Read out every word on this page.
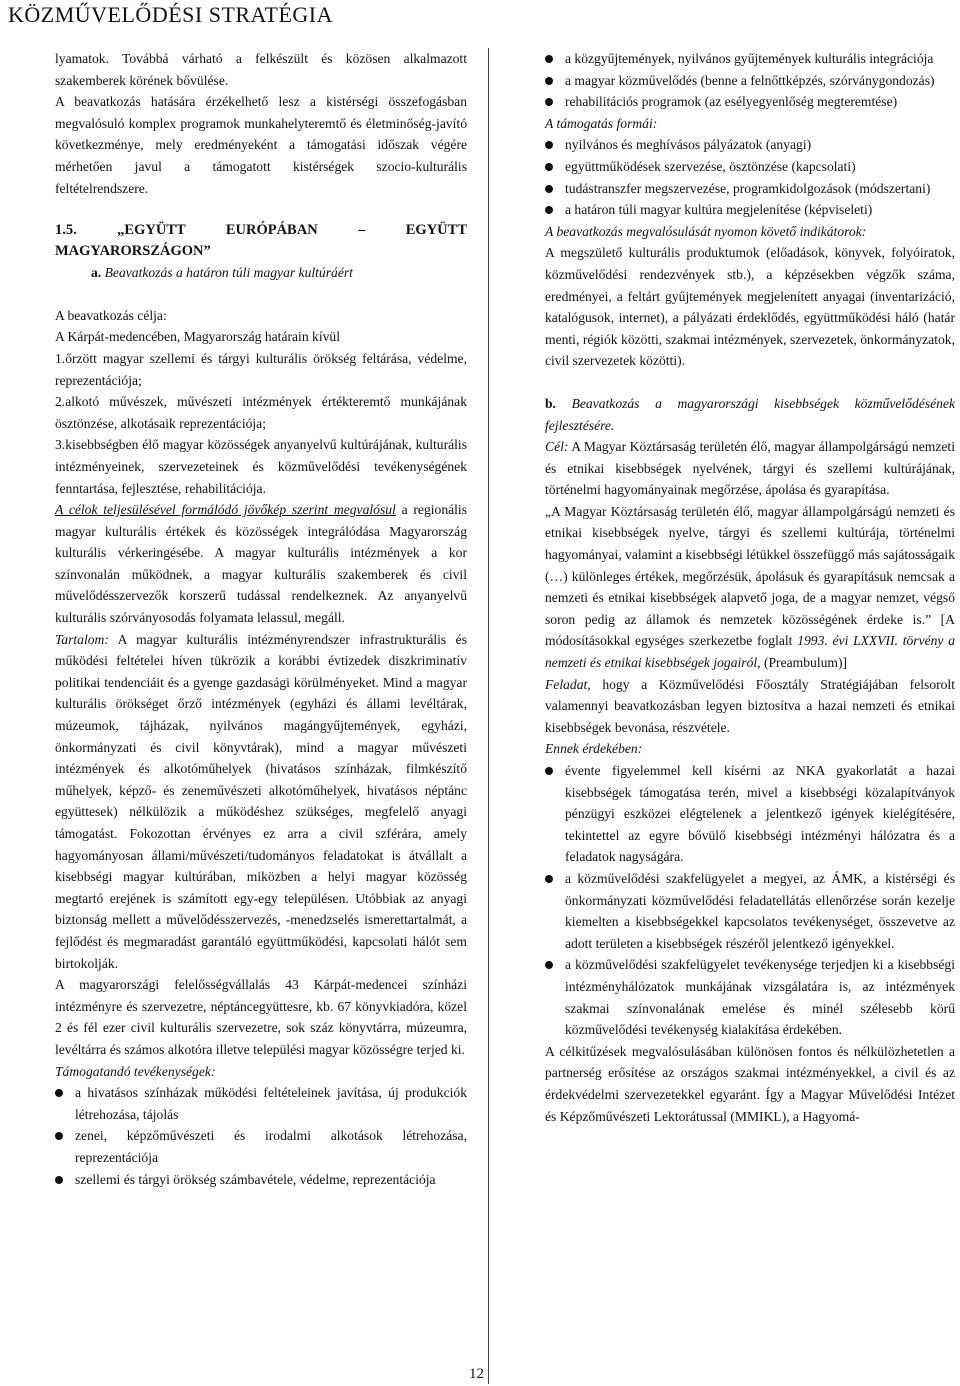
KÖZMŰVELŐDÉSI STRATÉGIA

lyamatok. Továbbá várható a felkészült és közösen alkalmazott szakemberek körének bővülése.

A beavatkozás hatására érzékelhető lesz a kistérségi összefogásban megvalósuló komplex programok munkahelyteremtő és életminőség-javító következménye, mely eredményeként a támogatási időszak végére mérhetően javul a támogatott kistérségek szocio-kulturális feltételrendszere.

1.5. „EGYÜTT EURÓPÁBAN – EGYÜTT MAGYARORSZÁGON”

a. Beavatkozás a határon túli magyar kultúráért

A beavatkozás célja:

A Kárpát-medencében, Magyarország határain kívül

1.őrzött magyar szellemi és tárgyi kulturális örökség feltárása, védelme, reprezentációja;

2.alkotó művészek, művészeti intézmények értékteremtő munkájának ösztönzése, alkotásaik reprezentációja;

3.kisebbségben élő magyar közösségek anyanyelvű kultúrájának, kulturális intézményeinek, szervezeteinek és közművelődési tevékenységének fenntartása, fejlesztése, rehabilitációja.

A célok teljesülésével formálódó jövőkép szerint megvalósul a regionális magyar kulturális értékek és közösségek integrálódása Magyarország kulturális vérkeringésébe. A magyar kulturális intézmények a kor színvonalán működnek, a magyar kulturális szakemberek és civil művelődésszervezők korszerű tudással rendelkeznek. Az anyanyelvű kulturális szórványosodás folyamata lelassul, megáll.

Tartalom: A magyar kulturális intézményrendszer infrastrukturális és működési feltételei híven tükrözik a korábbi évtizedek diszkriminatív politikai tendenciáit és a gyenge gazdasági körülményeket. Mind a magyar kulturális örökséget őrző intézmények (egyházi és állami levéltárak, múzeumok, tájházak, nyilvános magángyűjtemények, egyházi, önkormányzati és civil könyvtárak), mind a magyar művészeti intézmények és alkotóműhelyek (hivatásos színházak, filmkészítő műhelyek, képző- és zeneművészeti alkotóműhelyek, hivatásos néptánc együttesek) nélkülözik a működéshez szükséges, megfelelő anyagi támogatást. Fokozottan érvényes ez arra a civil szférára, amely hagyományosan állami/művészeti/tudományos feladatokat is átvállalt a kisebbségi magyar kultúrában, miközben a helyi magyar közösség megtartó erejének is számított egy-egy településen. Utóbbiak az anyagi biztonság mellett a művelődésszervezés, -menedzselés ismerettartalmát, a fejlődést és megmaradást garantáló együttműködési, kapcsolati hálót sem birtokolják.

A magyarországi felelősségvállalás 43 Kárpát-medencei színházi intézményre és szervezetre, néptáncegyüttesre, kb. 67 könyvkiadóra, közel 2 és fél ezer civil kulturális szervezetre, sok száz könyvtárra, múzeumra, levéltárra és számos alkotóra illetve települési magyar közösségre terjed ki.

Támogatandó tevékenységek:

a hivatásos színházak működési feltételeinek javítása, új produkciók létrehozása, tájolás

zenei, képzőművészeti és irodalmi alkotások létrehozása, reprezentációja

szellemi és tárgyi örökség számbavétele, védelme, reprezentációja

a közgyűjtemények, nyilvános gyűjtemények kulturális integrációja

a magyar közművelődés (benne a felnőttképzés, szórványgondozás)

rehabilitációs programok (az esélyegyenlőség megteremtése)

A támogatás formái:

nyilvános és meghívásos pályázatok (anyagi)

együttműködések szervezése, ösztönzése (kapcsolati)

tudástranszfer megszervezése, programkidolgozások (módszertani)

a határon túli magyar kultúra megjelenítése (képviseleti)

A beavatkozás megvalósulását nyomon követő indikátorok:

A megszülető kulturális produktumok (előadások, könyvek, folyóiratok, közművelődési rendezvények stb.), a képzésekben végzők száma, eredményei, a feltárt gyűjtemények megjelenített anyagai (inventarizáció, katalógusok, internet), a pályázati érdeklődés, együttműködési háló (határ menti, régiók közötti, szakmai intézmények, szervezetek, önkormányzatok, civil szervezetek közötti).

b. Beavatkozás a magyarországi kisebbségek közművelődésének fejlesztésére.

Cél: A Magyar Köztársaság területén élő, magyar állampolgárságú nemzeti és etnikai kisebbségek nyelvének, tárgyi és szellemi kultúrájának, történelmi hagyományainak megőrzése, ápolása és gyarapítása.

„A Magyar Köztársaság területén élő, magyar állampolgárságú nemzeti és etnikai kisebbségek nyelve, tárgyi és szellemi kultúrája, történelmi hagyományai, valamint a kisebbségi létükkel összefüggő más sajátosságaik (…) különleges értékek, megőrzésük, ápolásuk és gyarapításuk nemcsak a nemzeti és etnikai kisebbségek alapvető joga, de a magyar nemzet, végső soron pedig az államok és nemzetek közösségének érdeke is.” [A módosításokkal egységes szerkezetbe foglalt 1993. évi LXXVII. törvény a nemzeti és etnikai kisebbségek jogairól, (Preambulum)]

Feladat, hogy a Közművelődési Főosztály Stratégiájában felsorolt valamennyi beavatkozásban legyen biztosítva a hazai nemzeti és etnikai kisebbségek bevonása, részvétele.

Ennek érdekében:

évente figyelemmel kell kísérni az NKA gyakorlatát a hazai kisebbségek támogatása terén, mivel a kisebbségi közalapítványok pénzügyi eszközei elégtelenek a jelentkező igények kielégítésére, tekintettel az egyre bővülő kisebbségi intézményi hálózatra és a feladatok nagyságára.

a közművelődési szakfelügyelet a megyei, az ÁMK, a kistérségi és önkormányzati közművelődési feladatellátás ellenőrzése során kezelje kiemelten a kisebbségekkel kapcsolatos tevékenységet, összevetve az adott területen a kisebbségek részéről jelentkező igényekkel.

a közművelődési szakfelügyelet tevékenysége terjedjen ki a kisebbségi intézményhálózatok munkájának vizsgálatára is, az intézmények szakmai színvonalának emelése és minél szélesebb körű közművelődési tevékenység kialakítása érdekében.

A célkitűzések megvalósulásában különösen fontos és nélkülözhetetlen a partnerség erősítése az országos szakmai intézményekkel, a civil és az érdekvédelmi szervezetekkel egyaránt. Így a Magyar Művelődési Intézet és Képzőművészeti Lektorátussal (MMIKL), a Hagyomá-

12
